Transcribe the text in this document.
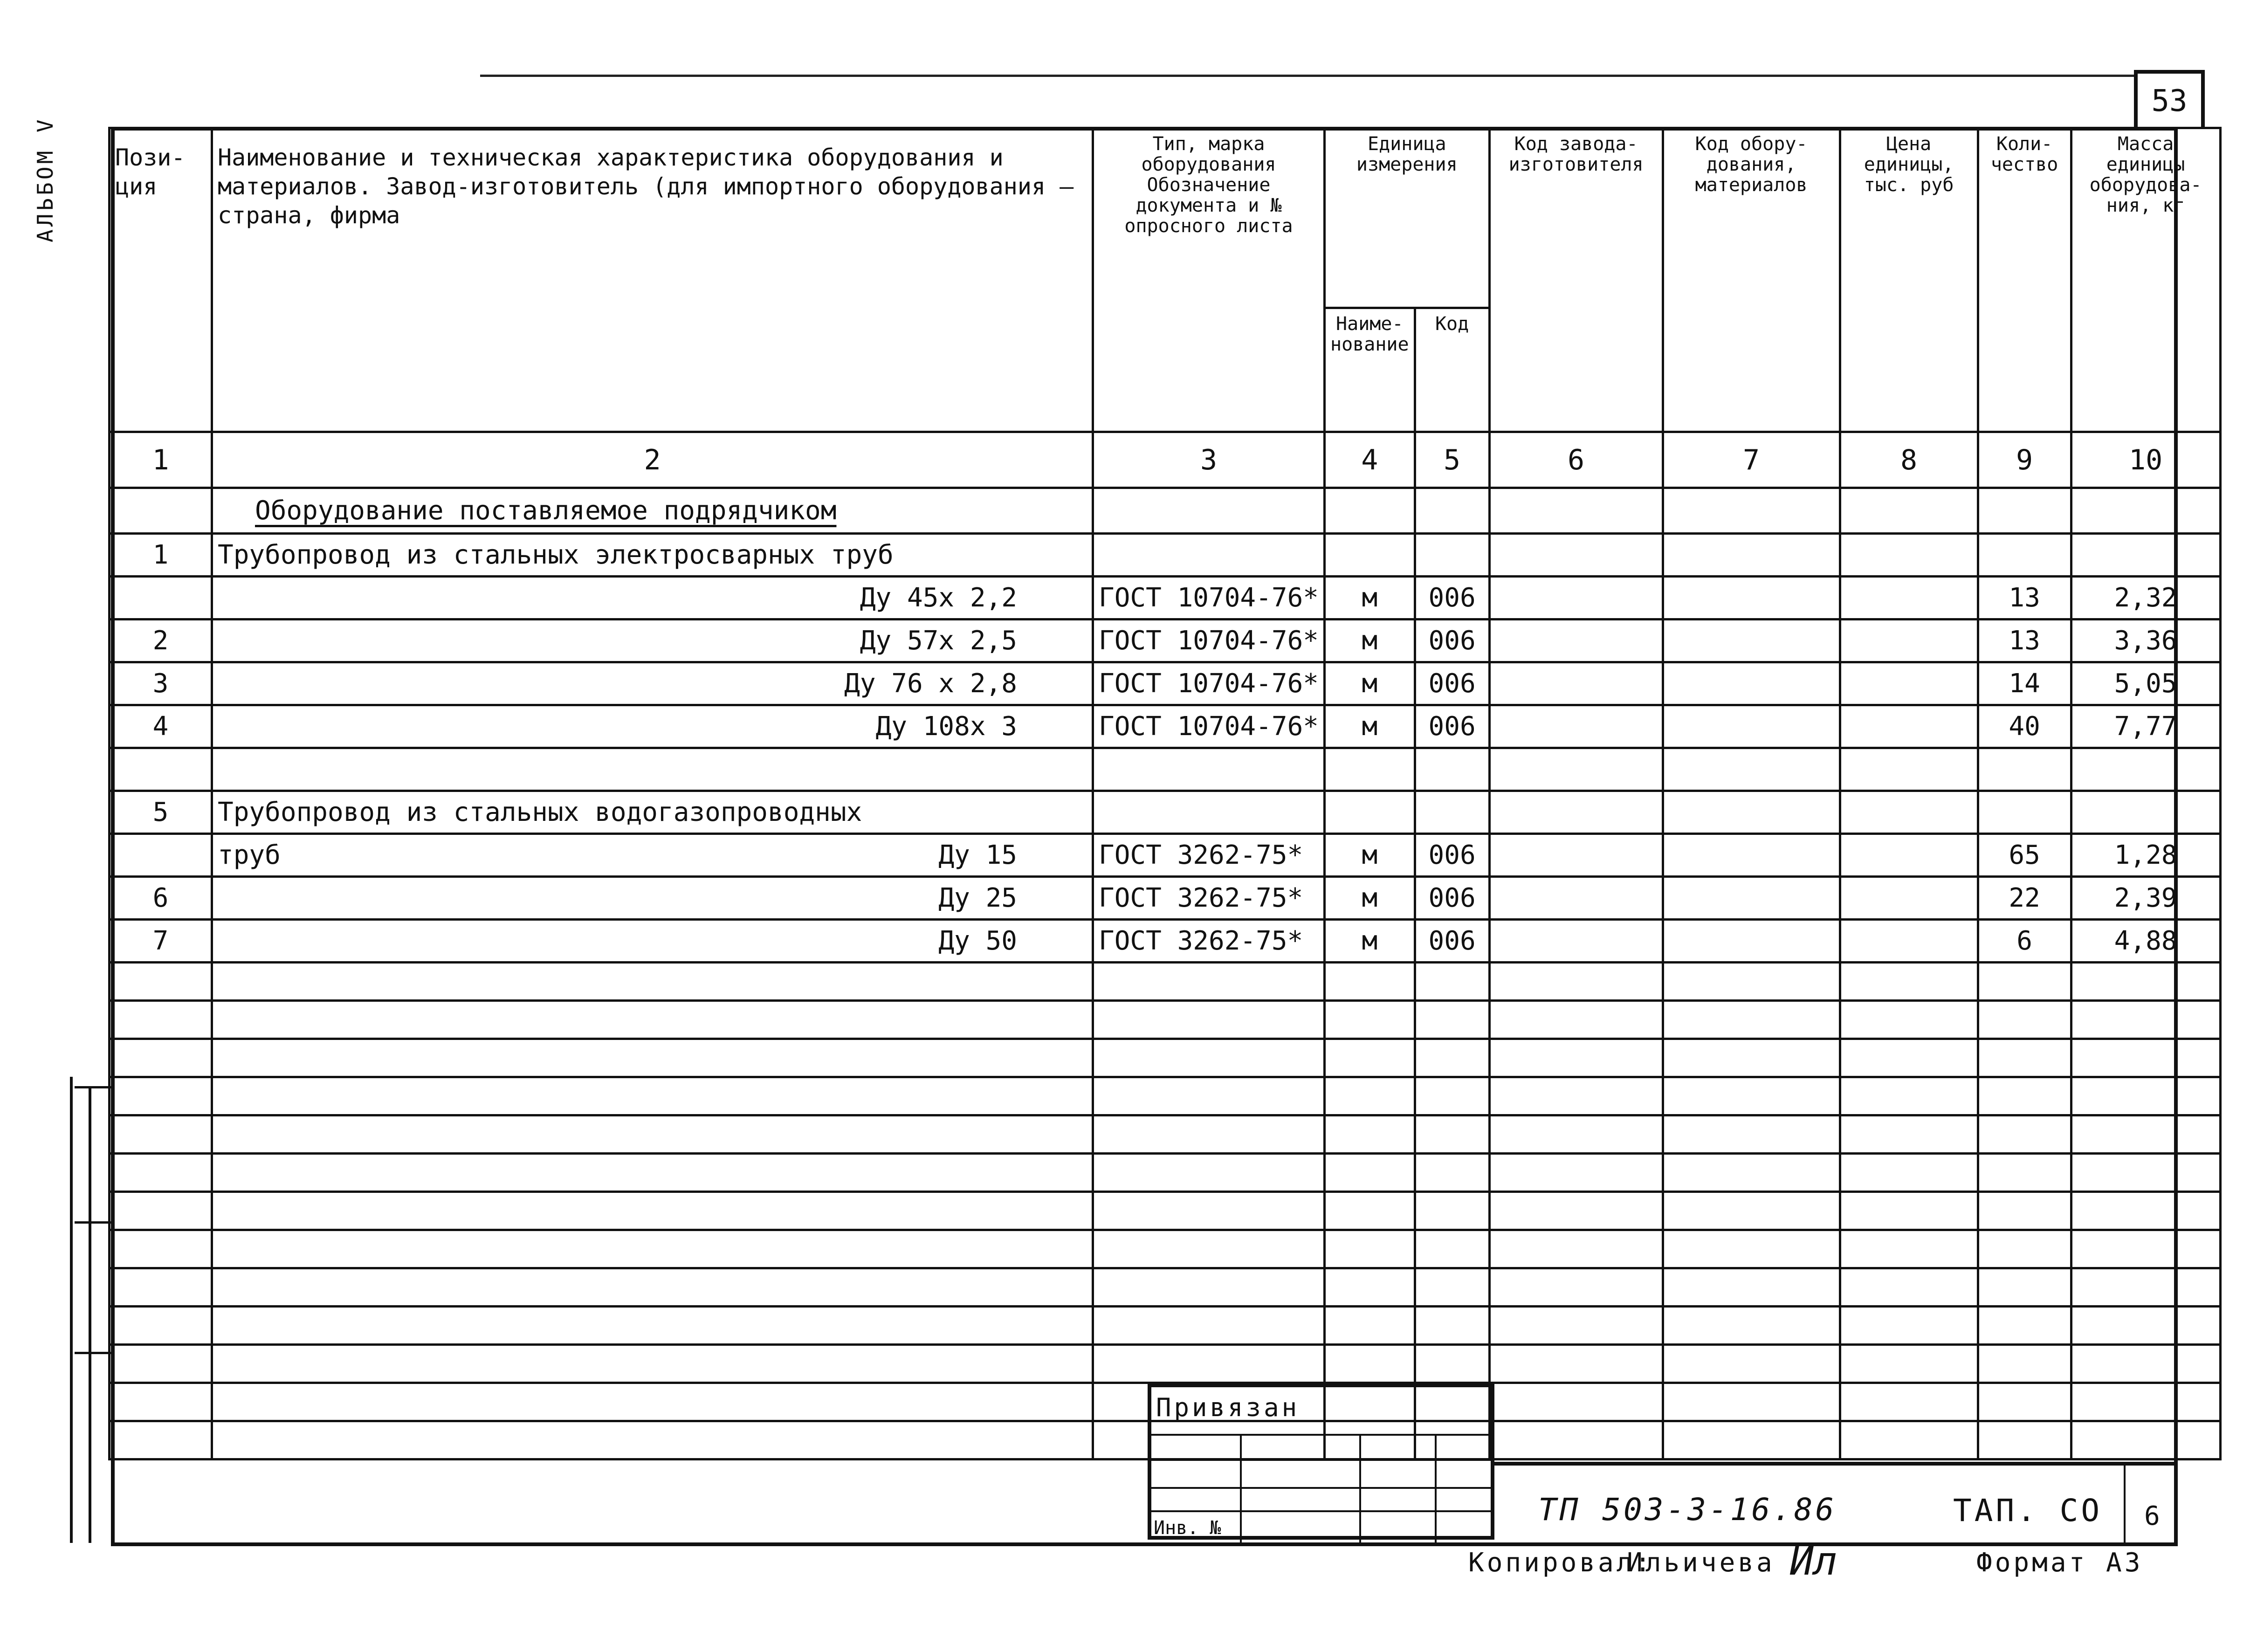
53
АЛЬБОМ V Пози-ция	Наименование и техническая характеристика оборудования и материалов. Завод-изготовитель (для импортного оборудования — страна, фирма	Тип, марка оборудования Обозначение документа и № опросного листа	Единица измерения		Код завода-изготовителя	Код обору-дования, материалов	Цена единицы, тыс. руб	Коли-чество	Масса единицы оборудова-ния, кг
			Наиме-нование	Код					
1	2	3	4	5	6	7	8	9	10
	Оборудование поставляемое подрядчиком								
1	Трубопровод из стальных электросварных труб

	Ду 45х 2,2	ГОСТ 10704-76*	м	006				13	2,32
2	Ду 57х 2,5	ГОСТ 10704-76*	м	006				13	3,36
3	Ду 76 х 2,8	ГОСТ 10704-76*	м	006				14	5,05
4	Ду 108х 3	ГОСТ 10704-76*	м	006				40	7,77

5	Трубопровод из стальных водогазопроводных

	труб Ду 15	ГОСТ 3262-75*	м	006				65	1,28
6	Ду 25	ГОСТ 3262-75*	м	006				22	2,39
7	Ду 50	ГОСТ 3262-75*	м	006				6	4,88

Привязан
Инв. №
ТП 503-3-16.86	ТАП. СО 6
Копировал:
Ильичева Ил	Формат А3
